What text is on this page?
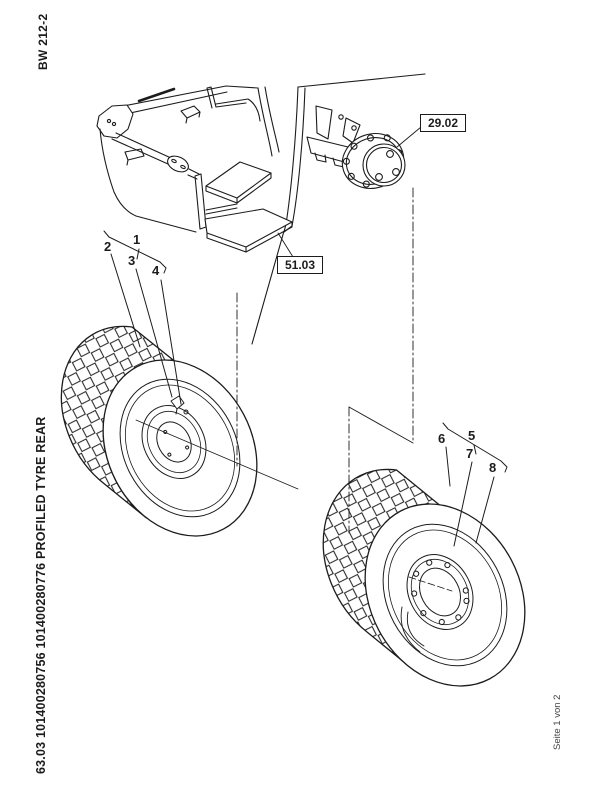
BW 212-2
63.03 101400280756 101400280776 PROFILED TYRE REAR	Seite 1 von 2
29.02
51.03
1
2
3
4
5
6
7
8
